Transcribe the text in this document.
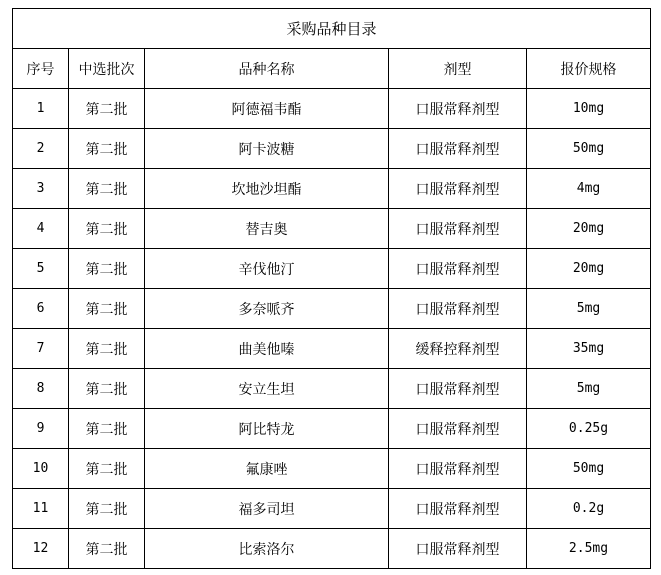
采购品种目录				
序号	中选批次	品种名称	剂型	报价规格
1	第二批	阿德福韦酯	口服常释剂型	10mg
2	第二批	阿卡波糖	口服常释剂型	50mg
3	第二批	坎地沙坦酯	口服常释剂型	4mg
4	第二批	替吉奥	口服常释剂型	20mg
5	第二批	辛伐他汀	口服常释剂型	20mg
6	第二批	多奈哌齐	口服常释剂型	5mg
7	第二批	曲美他嗪	缓释控释剂型	35mg
8	第二批	安立生坦	口服常释剂型	5mg
9	第二批	阿比特龙	口服常释剂型	0.25g
10	第二批	氟康唑	口服常释剂型	50mg
11	第二批	福多司坦	口服常释剂型	0.2g
12	第二批	比索洛尔	口服常释剂型	2.5mg
